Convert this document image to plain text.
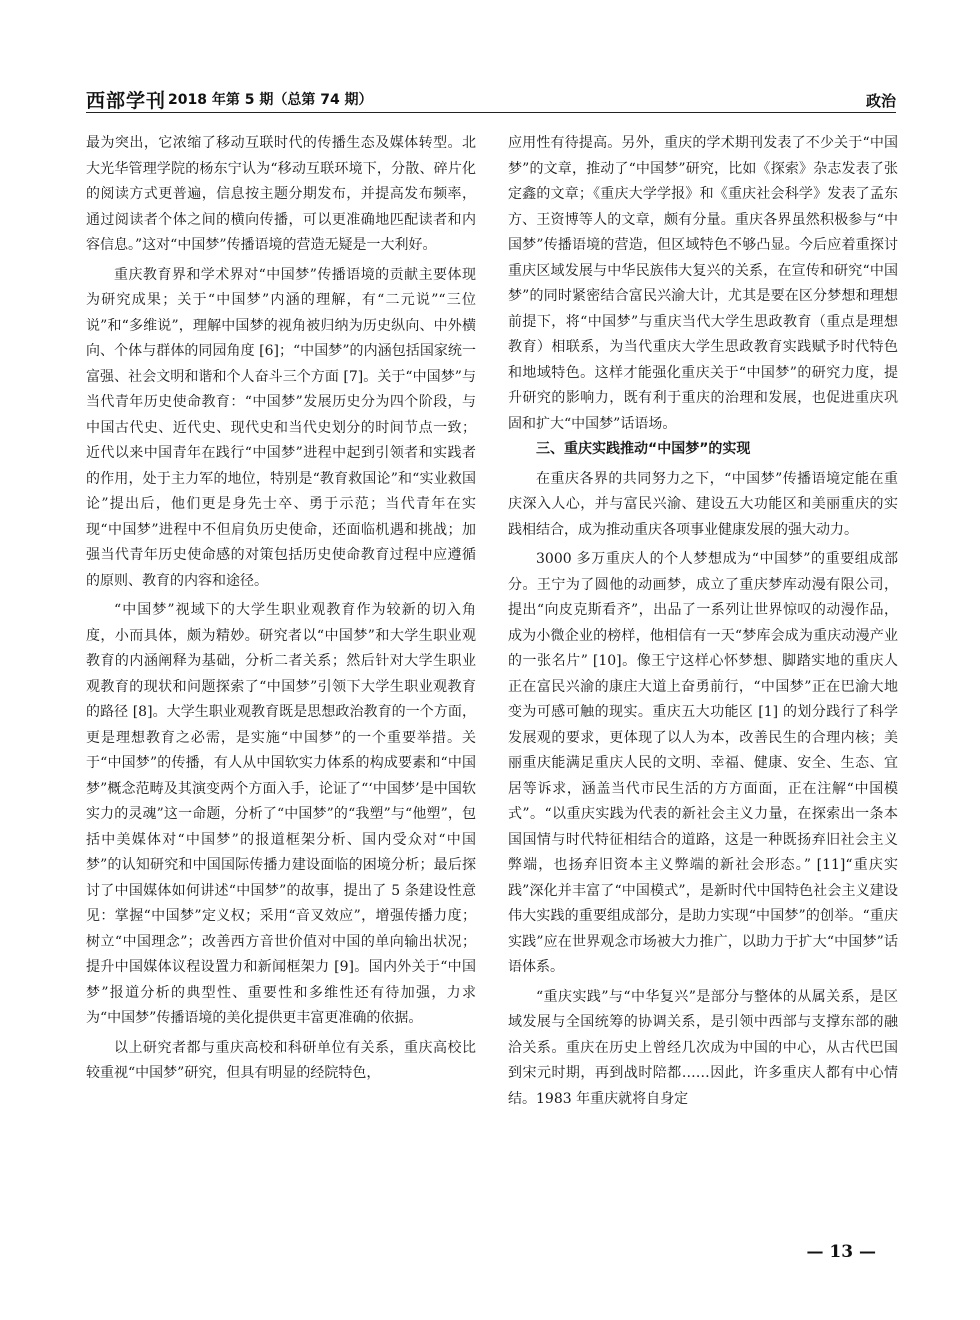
西部学刊 2018 年第 5 期（总第 74 期）	政治

最为突出，它浓缩了移动互联时代的传播生态及媒体转型。北大光华管理学院的杨东宁认为“移动互联环境下，分散、碎片化的阅读方式更普遍，信息按主题分期发布，并提高发布频率，通过阅读者个体之间的横向传播，可以更准确地匹配读者和内容信息。”这对“中国梦”传播语境的营造无疑是一大利好。

重庆教育界和学术界对“中国梦”传播语境的贡献主要体现为研究成果；关于“中国梦”内涵的理解，有“二元说”“三位说”和“多维说”，理解中国梦的视角被归纳为历史纵向、中外横向、个体与群体的同园角度 [6]；“中国梦”的内涵包括国家统一富强、社会文明和谐和个人奋斗三个方面 [7]。关于“中国梦”与当代青年历史使命教育：“中国梦”发展历史分为四个阶段，与中国古代史、近代史、现代史和当代史划分的时间节点一致；近代以来中国青年在践行“中国梦”进程中起到引领者和实践者的作用，处于主力军的地位，特别是“教育救国论”和“实业救国论”提出后，他们更是身先士卒、勇于示范；当代青年在实现“中国梦”进程中不但肩负历史使命，还面临机遇和挑战；加强当代青年历史使命感的对策包括历史使命教育过程中应遵循的原则、教育的内容和途径。

“中国梦”视域下的大学生职业观教育作为较新的切入角度，小而具体，颇为精妙。研究者以“中国梦”和大学生职业观教育的内涵阐释为基础，分析二者关系；然后针对大学生职业观教育的现状和问题探索了“中国梦”引领下大学生职业观教育的路径 [8]。大学生职业观教育既是思想政治教育的一个方面，更是理想教育之必需，是实施“中国梦”的一个重要举措。关于“中国梦”的传播，有人从中国软实力体系的构成要素和“中国梦”概念范畴及其演变两个方面入手，论证了“‘中国梦’是中国软实力的灵魂”这一命题，分析了“中国梦”的“我塑”与“他塑”，包括中美媒体对“中国梦”的报道框架分析、国内受众对“中国梦”的认知研究和中国国际传播力建设面临的困境分析；最后探讨了中国媒体如何讲述“中国梦”的故事，提出了 5 条建设性意见：掌握“中国梦”定义权；采用“音叉效应”，增强传播力度；树立“中国理念”；改善西方音世价值对中国的单向输出状况；提升中国媒体议程设置力和新闻框架力 [9]。国内外关于“中国梦”报道分析的典型性、重要性和多维性还有待加强，力求为“中国梦”传播语境的美化提供更丰富更准确的依据。

以上研究者都与重庆高校和科研单位有关系，重庆高校比较重视“中国梦”研究，但具有明显的经院特色，

应用性有待提高。另外，重庆的学术期刊发表了不少关于“中国梦”的文章，推动了“中国梦”研究，比如《探索》杂志发表了张定鑫的文章；《重庆大学学报》和《重庆社会科学》发表了孟东方、王资博等人的文章，颇有分量。重庆各界虽然积极参与“中国梦”传播语境的营造，但区域特色不够凸显。今后应着重探讨重庆区域发展与中华民族伟大复兴的关系，在宣传和研究“中国梦”的同时紧密结合富民兴渝大计，尤其是要在区分梦想和理想前提下，将“中国梦”与重庆当代大学生思政教育（重点是理想教育）相联系，为当代重庆大学生思政教育实践赋予时代特色和地域特色。这样才能强化重庆关于“中国梦”的研究力度，提升研究的影响力，既有利于重庆的治理和发展，也促进重庆巩固和扩大“中国梦”话语场。

三、重庆实践推动“中国梦”的实现

在重庆各界的共同努力之下，“中国梦”传播语境定能在重庆深入人心，并与富民兴渝、建设五大功能区和美丽重庆的实践相结合，成为推动重庆各项事业健康发展的强大动力。

3000 多万重庆人的个人梦想成为“中国梦”的重要组成部分。王宁为了圆他的动画梦，成立了重庆梦库动漫有限公司，提出“向皮克斯看齐”，出品了一系列让世界惊叹的动漫作品，成为小微企业的榜样，他相信有一天“梦库会成为重庆动漫产业的一张名片” [10]。像王宁这样心怀梦想、脚踏实地的重庆人正在富民兴渝的康庄大道上奋勇前行，“中国梦”正在巴渝大地变为可感可触的现实。重庆五大功能区 [1] 的划分践行了科学发展观的要求，更体现了以人为本，改善民生的合理内核；美丽重庆能满足重庆人民的文明、幸福、健康、安全、生态、宜居等诉求，涵盖当代市民生活的方方面面，正在注解“中国模式”。“以重庆实践为代表的新社会主义力量，在探索出一条本国国情与时代特征相结合的道路，这是一种既扬弃旧社会主义弊端，也扬弃旧资本主义弊端的新社会形态。” [11]“重庆实践”深化并丰富了“中国模式”，是新时代中国特色社会主义建设伟大实践的重要组成部分，是助力实现“中国梦”的创举。“重庆实践”应在世界观念市场被大力推广，以助力于扩大“中国梦”话语体系。

“重庆实践”与“中华复兴”是部分与整体的从属关系，是区域发展与全国统筹的协调关系，是引领中西部与支撑东部的融洽关系。重庆在历史上曾经几次成为中国的中心，从古代巴国到宋元时期，再到战时陪都……因此，许多重庆人都有中心情结。1983 年重庆就将自身定

— 13 —
